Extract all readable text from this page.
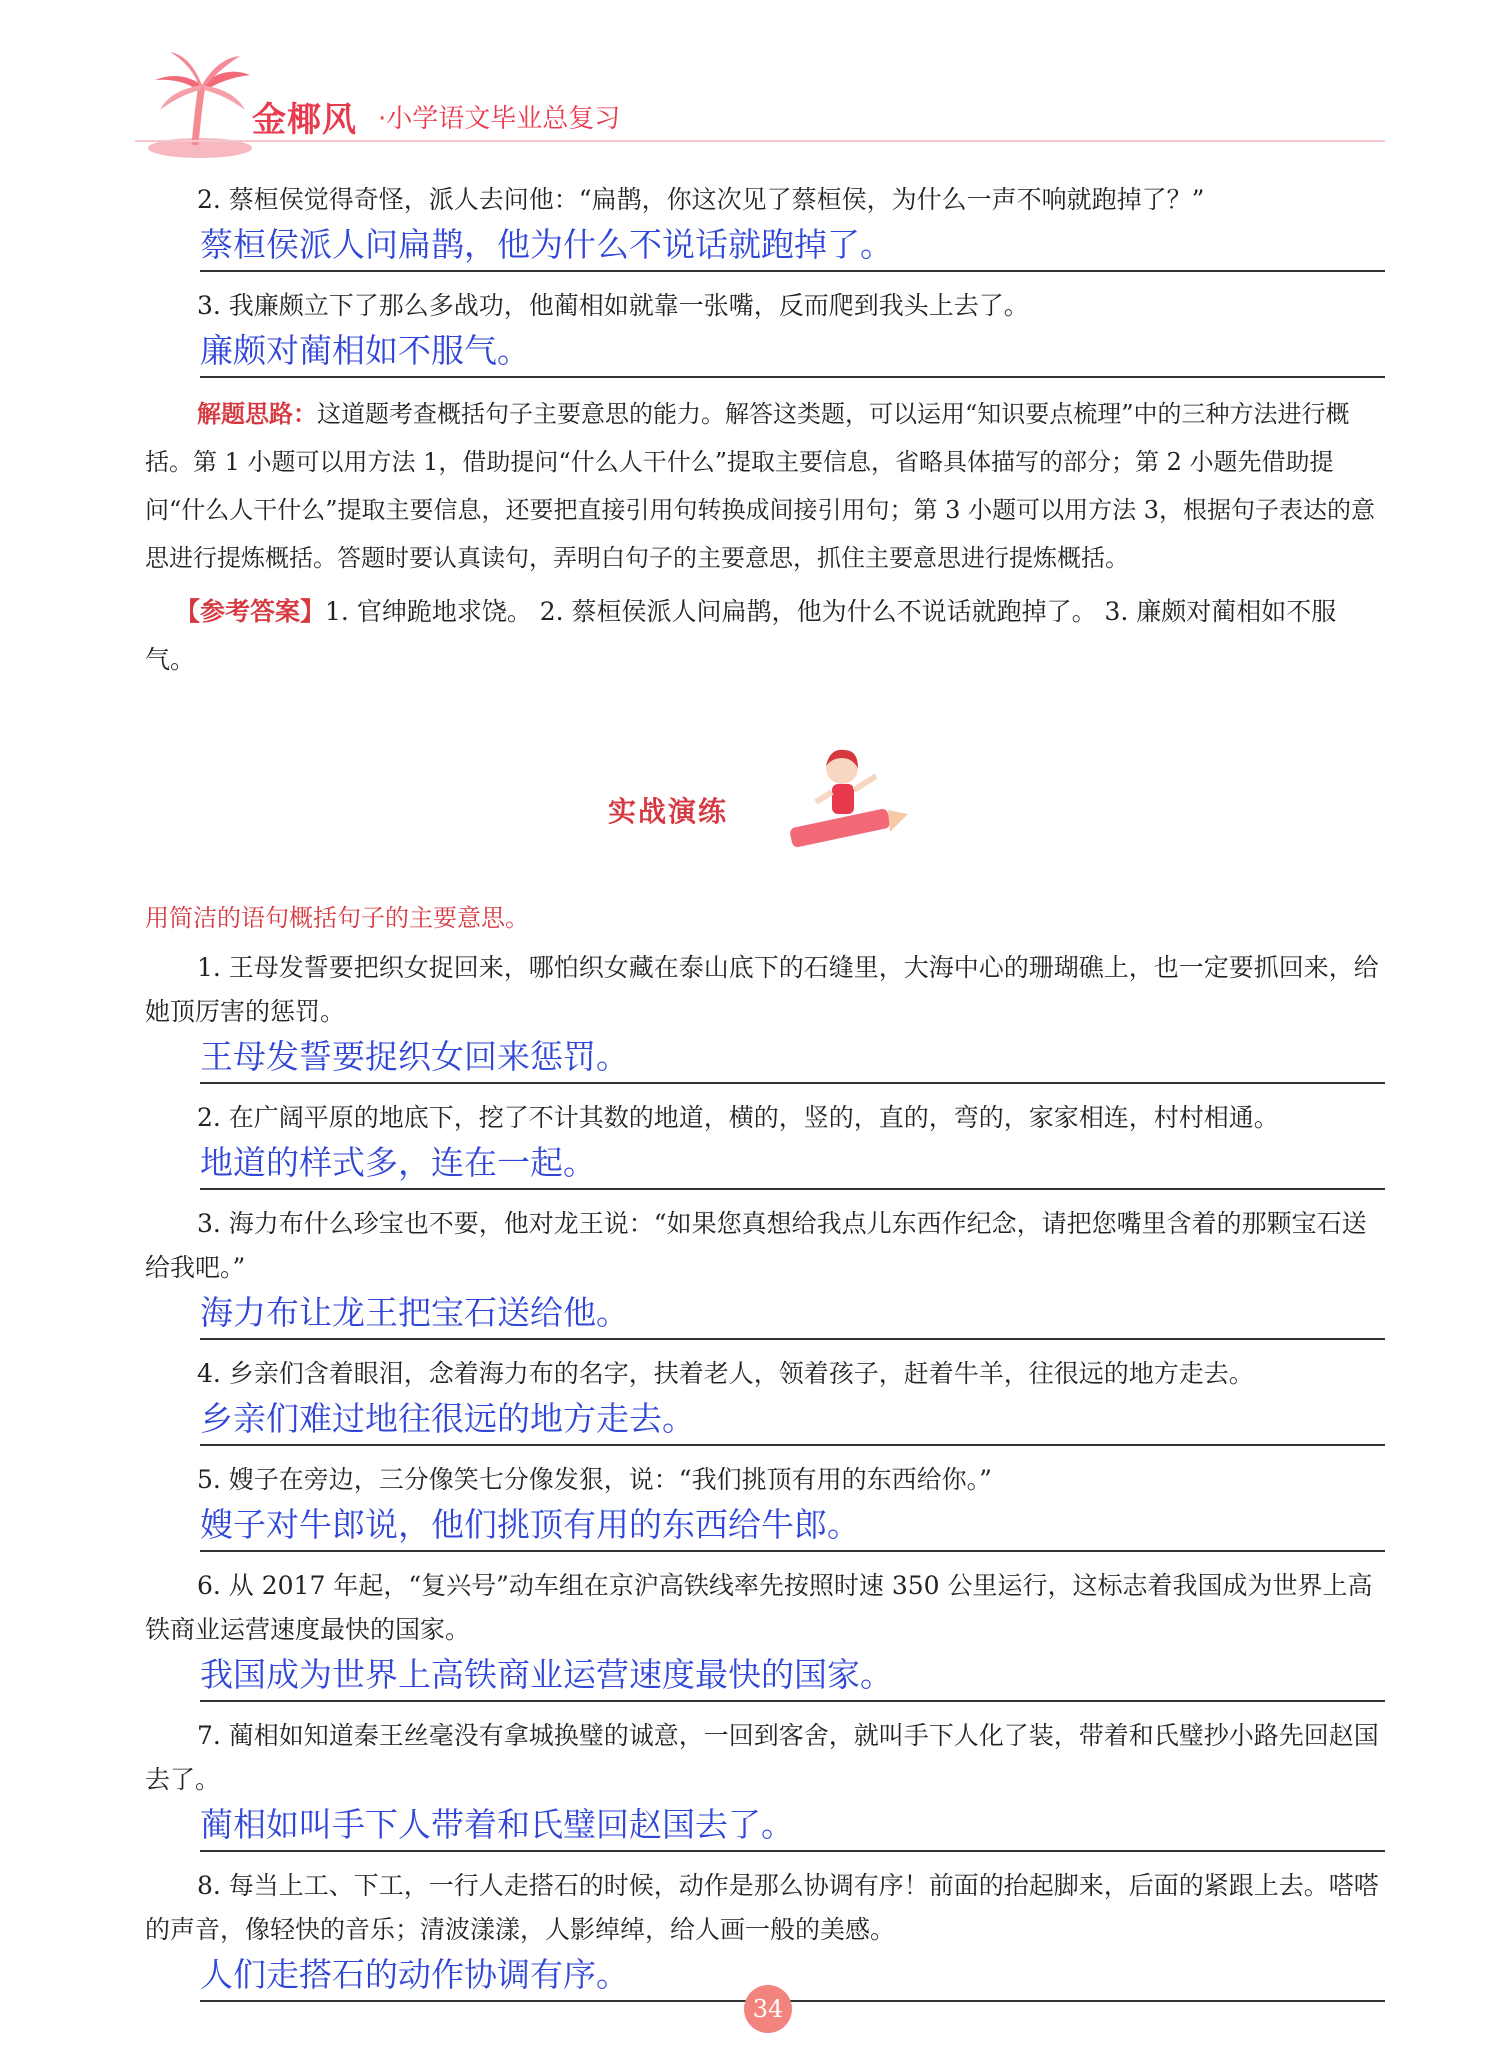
金椰风 ·小学语文毕业总复习

2. 蔡桓侯觉得奇怪，派人去问他：“扁鹊，你这次见了蔡桓侯，为什么一声不响就跑掉了？”

蔡桓侯派人问扁鹊，他为什么不说话就跑掉了。

3. 我廉颇立下了那么多战功，他蔺相如就靠一张嘴，反而爬到我头上去了。

廉颇对蔺相如不服气。

解题思路：这道题考查概括句子主要意思的能力。解答这类题，可以运用“知识要点梳理”中的三种方法进行概括。第 1 小题可以用方法 1，借助提问“什么人干什么”提取主要信息，省略具体描写的部分；第 2 小题先借助提问“什么人干什么”提取主要信息，还要把直接引用句转换成间接引用句；第 3 小题可以用方法 3，根据句子表达的意思进行提炼概括。答题时要认真读句，弄明白句子的主要意思，抓住主要意思进行提炼概括。

【参考答案】1. 官绅跪地求饶。 2. 蔡桓侯派人问扁鹊，他为什么不说话就跑掉了。 3. 廉颇对蔺相如不服气。

实战演练

用简洁的语句概括句子的主要意思。

1. 王母发誓要把织女捉回来，哪怕织女藏在泰山底下的石缝里，大海中心的珊瑚礁上，也一定要抓回来，给她顶厉害的惩罚。

王母发誓要捉织女回来惩罚。

2. 在广阔平原的地底下，挖了不计其数的地道，横的，竖的，直的，弯的，家家相连，村村相通。

地道的样式多，连在一起。

3. 海力布什么珍宝也不要，他对龙王说：“如果您真想给我点儿东西作纪念，请把您嘴里含着的那颗宝石送给我吧。”

海力布让龙王把宝石送给他。

4. 乡亲们含着眼泪，念着海力布的名字，扶着老人，领着孩子，赶着牛羊，往很远的地方走去。

乡亲们难过地往很远的地方走去。

5. 嫂子在旁边，三分像笑七分像发狠，说：“我们挑顶有用的东西给你。”

嫂子对牛郎说，他们挑顶有用的东西给牛郎。

6. 从 2017 年起，“复兴号”动车组在京沪高铁线率先按照时速 350 公里运行，这标志着我国成为世界上高铁商业运营速度最快的国家。

我国成为世界上高铁商业运营速度最快的国家。

7. 蔺相如知道秦王丝毫没有拿城换璧的诚意，一回到客舍，就叫手下人化了装，带着和氏璧抄小路先回赵国去了。

蔺相如叫手下人带着和氏璧回赵国去了。

8. 每当上工、下工，一行人走搭石的时候，动作是那么协调有序！前面的抬起脚来，后面的紧跟上去。嗒嗒的声音，像轻快的音乐；清波漾漾，人影绰绰，给人画一般的美感。

人们走搭石的动作协调有序。
34
